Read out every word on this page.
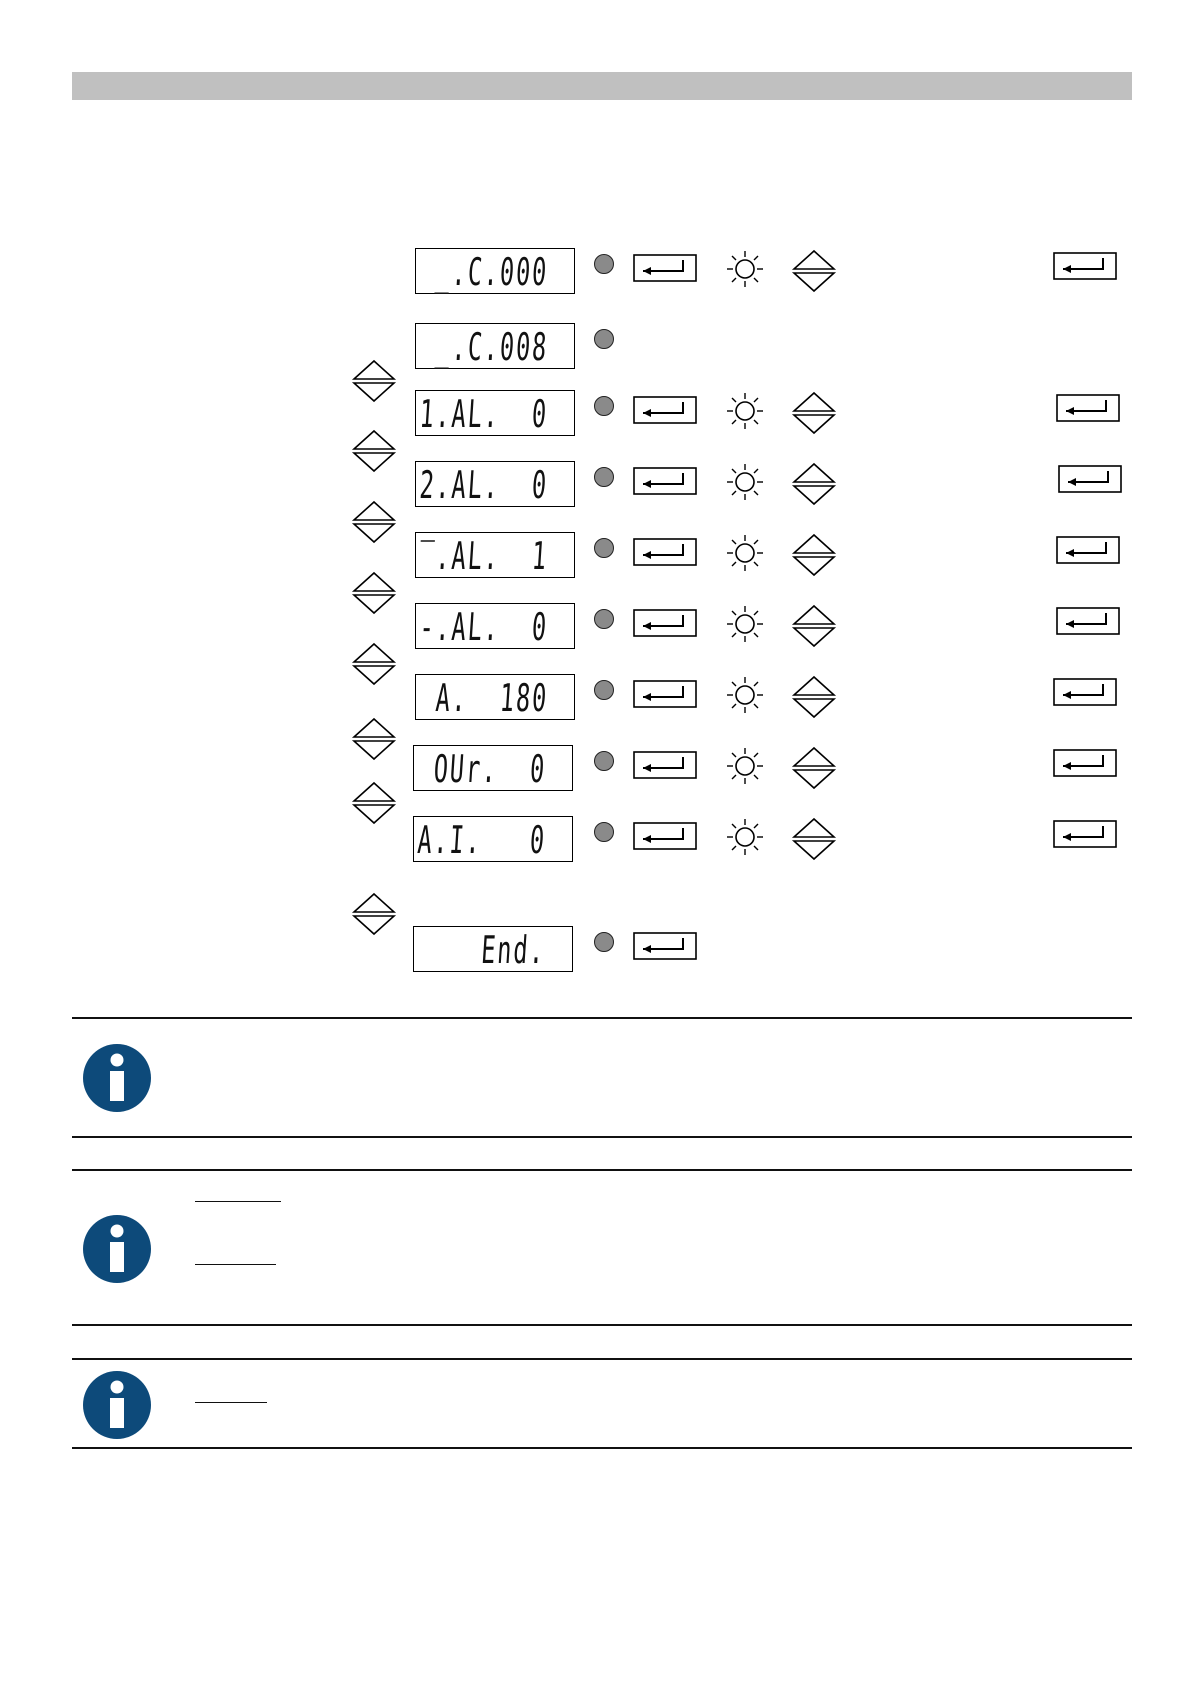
_.C.000
_.C.008
1.AL.  0
2.AL.  0
‾.AL.  1
-.AL.  0
A.  180
OUr.  0
A.I.   0
End.
